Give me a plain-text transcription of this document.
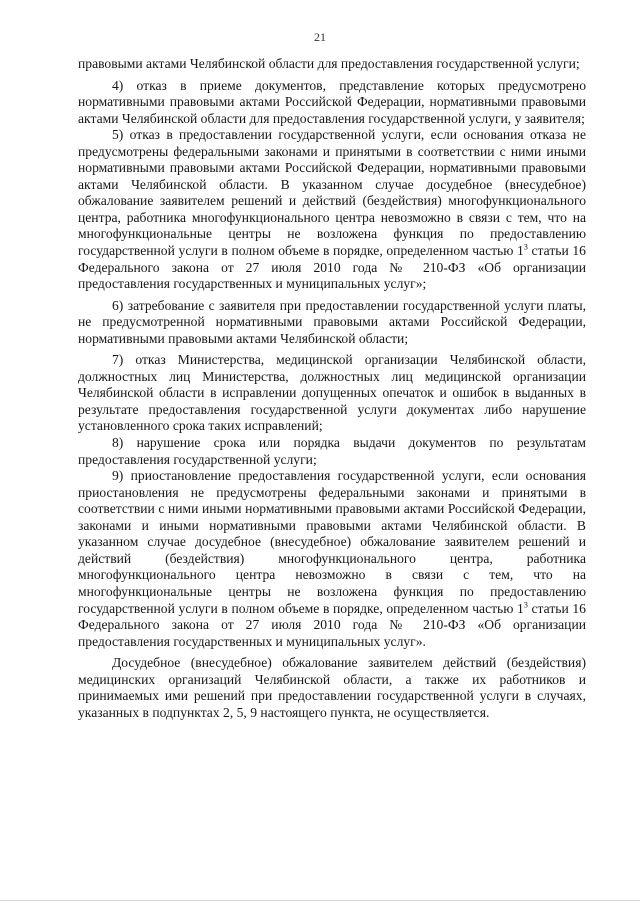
21

правовыми актами Челябинской области для предоставления государственной услуги;

4) отказ в приеме документов, представление которых предусмотрено нормативными правовыми актами Российской Федерации, нормативными правовыми актами Челябинской области для предоставления государственной услуги, у заявителя;

5) отказ в предоставлении государственной услуги, если основания отказа не предусмотрены федеральными законами и принятыми в соответствии с ними иными нормативными правовыми актами Российской Федерации, нормативными правовыми актами Челябинской области. В указанном случае досудебное (внесудебное) обжалование заявителем решений и действий (бездействия) многофункционального центра, работника многофункционального центра невозможно в связи с тем, что на многофункциональные центры не возложена функция по предоставлению государственной услуги в полном объеме в порядке, определенном частью $1^3$ статьи 16 Федерального закона от 27 июля 2010 года № 210-ФЗ «Об организации предоставления государственных и муниципальных услуг»;

6) затребование с заявителя при предоставлении государственной услуги платы, не предусмотренной нормативными правовыми актами Российской Федерации, нормативными правовыми актами Челябинской области;

7) отказ Министерства, медицинской организации Челябинской области, должностных лиц Министерства, должностных лиц медицинской организации Челябинской области в исправлении допущенных опечаток и ошибок в выданных в результате предоставления государственной услуги документах либо нарушение установленного срока таких исправлений;

8) нарушение срока или порядка выдачи документов по результатам предоставления государственной услуги;

9) приостановление предоставления государственной услуги, если основания приостановления не предусмотрены федеральными законами и принятыми в соответствии с ними иными нормативными правовыми актами Российской Федерации, законами и иными нормативными правовыми актами Челябинской области. В указанном случае досудебное (внесудебное) обжалование заявителем решений и действий (бездействия) многофункционального центра, работника многофункционального центра невозможно в связи с тем, что на многофункциональные центры не возложена функция по предоставлению государственной услуги в полном объеме в порядке, определенном частью $1^3$ статьи 16 Федерального закона от 27 июля 2010 года № 210-ФЗ «Об организации предоставления государственных и муниципальных услуг».

Досудебное (внесудебное) обжалование заявителем действий (бездействия) медицинских организаций Челябинской области, а также их работников и принимаемых ими решений при предоставлении государственной услуги в случаях, указанных в подпунктах 2, 5, 9 настоящего пункта, не осуществляется.
